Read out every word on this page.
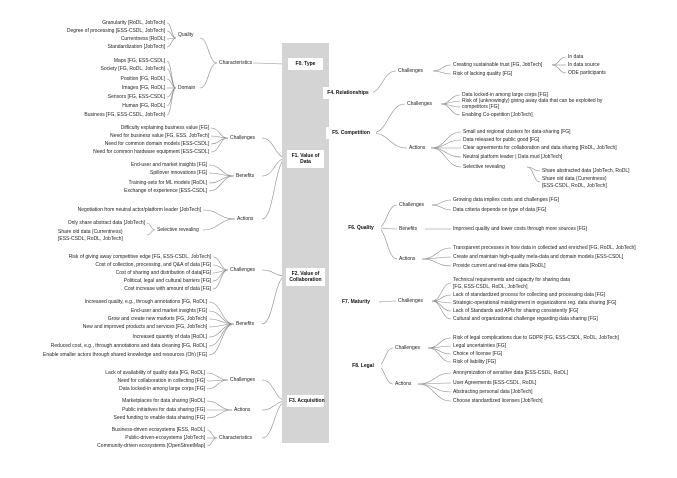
Granularity [RoDL, JobTech]
Degree of processing [ESS-CSDL, JobTech]
Currentness [RoDL]
Standardization [JobTech]
Quality
Maps [FG, ESS-CSDL]
Society [FG, RoDL, JobTech]
Position [FG, RoDL]
Images [FG, RoDL]
Sensors [FG, ESS-CSDL]
Human [FG, RoDL]
Business [FG, ESS-CSDL, JobTech]
Domain
Characteristics	F0. Type
Difficulty explaining business value [FG]
Need for business value [FG, ESS, JobTech]
Need for common domain models [ESS-CSDL]
Need for common hardware equipment [ESS-CSDL]
Challenges
End-user and market insights [FG]
Spillover innovations [FG]
Training-sets for ML models [RoDL]
Exchange of experience [ESS-CSDL]
Benefits
Negotiation from neutral actor/platform leader [JobTech]
Only share abstract data [JobTech]
Share old data (Currentness)
[ESS-CSDL, RoDL, JobTech]
Selective revealing
Actions
F1. Value of Data
Risk of giving away competitive edge [FG, ESS-CSDL, JobTech]
Cost of collection, processing, and Q&A of data [FG]
Cost of sharing and distribution of data[FG]
Political, legal and cultural barriers [FG]
Cost increase with amount of data [FG]
Challenges
Increased quality, e.g., through annotations [FG, RoDL]
End-user and market insights [FG]
Grow and create new markets [FG, JobTech]
New and improved products and services [FG, JobTech]
Increased quantity of data [RoDL]
Reduced cost, e.g., through annotations and data cleaning [FG, RoDL]
Enable smaller actors through shared knowledge and resources (Oh) [FG]
Benefits
F2. Value of Collaboration
Lack of availability of quality data [FG, RoDL]
Need for collaboration in collecting [FG]
Data locked-in among large corps [FG]
Challenges
Marketplaces for data sharing [RoDL]
Public initiatives for data sharing [FG]
Seed funding to enable data sharing [FG]
Actions
Business-driven ecosystems [ESS, RoDL]
Public-driven-ecosystems [JobTech]
Community-driven ecosystems [OpenStreetMap]
Characteristics
F3. Acquisition
F4. Relationships
Challenges
Creating sustainable trust [FG, JobTech]
Risk of lacking quality [FG]
In data
In data source
ODE participants
F5. Competition
Challenges
Data locked-in among large corps [FG]
Risk of (unknowingly) giving away data that can be exploited by
competitors [FG]
Enabling Co-opetition [JobTech]
Actions
Small and regional clusters for data-sharing [FG]
Data released for public good [FG]
Clear agreements for collaboration and data sharing [RoDL, JobTech]
Neutral platform leader | Data mud [JobTech]
Selective revealing
Share abstracted data [JobTech, RoDL]
Share old data (Currentness)
[ESS-CSDL, RoDL, JobTech]
F6. Quality
Challenges
Growing data implies costs and challenges [FG]
Data criteria depends on type of data [FG]
Benefits	Improved quality and lower costs through more sources [FG]
Actions
Transparent processes in how data in collected and enriched [FG, RoDL, JobTech]
Create and maintain high-quality meta-data and domain models [ESS-CSDL]
Provide current and real-time data [RoDL]
F7. Maturity	Challenges
Technical requirements and capacity for sharing data
[FG, ESS-CSDL, RoDL, JobTech]
Lack of standardized process for collecting and processing data [FG]
Strategic-operational misalignment in organizations reg. data sharing [FG]
Lack of Standards and APIs for sharing consistently [FG]
Cultural and organizational challenge regarding data sharing [FG]
F8. Legal
Challenges
Risk of legal complications due to GDPR [FG, ESS-CSDL, RoDL, JobTech]
Legal uncertainties [FG]
Choice of license [FG]
Risk of liability [FG]
Actions
Anonymization of sensitive data [ESS-CSDL, RoDL]
User Agreements [ESS-CSDL, RoDL]
Abstracting personal data [JobTech]
Choose standardized licenses [JobTech]
